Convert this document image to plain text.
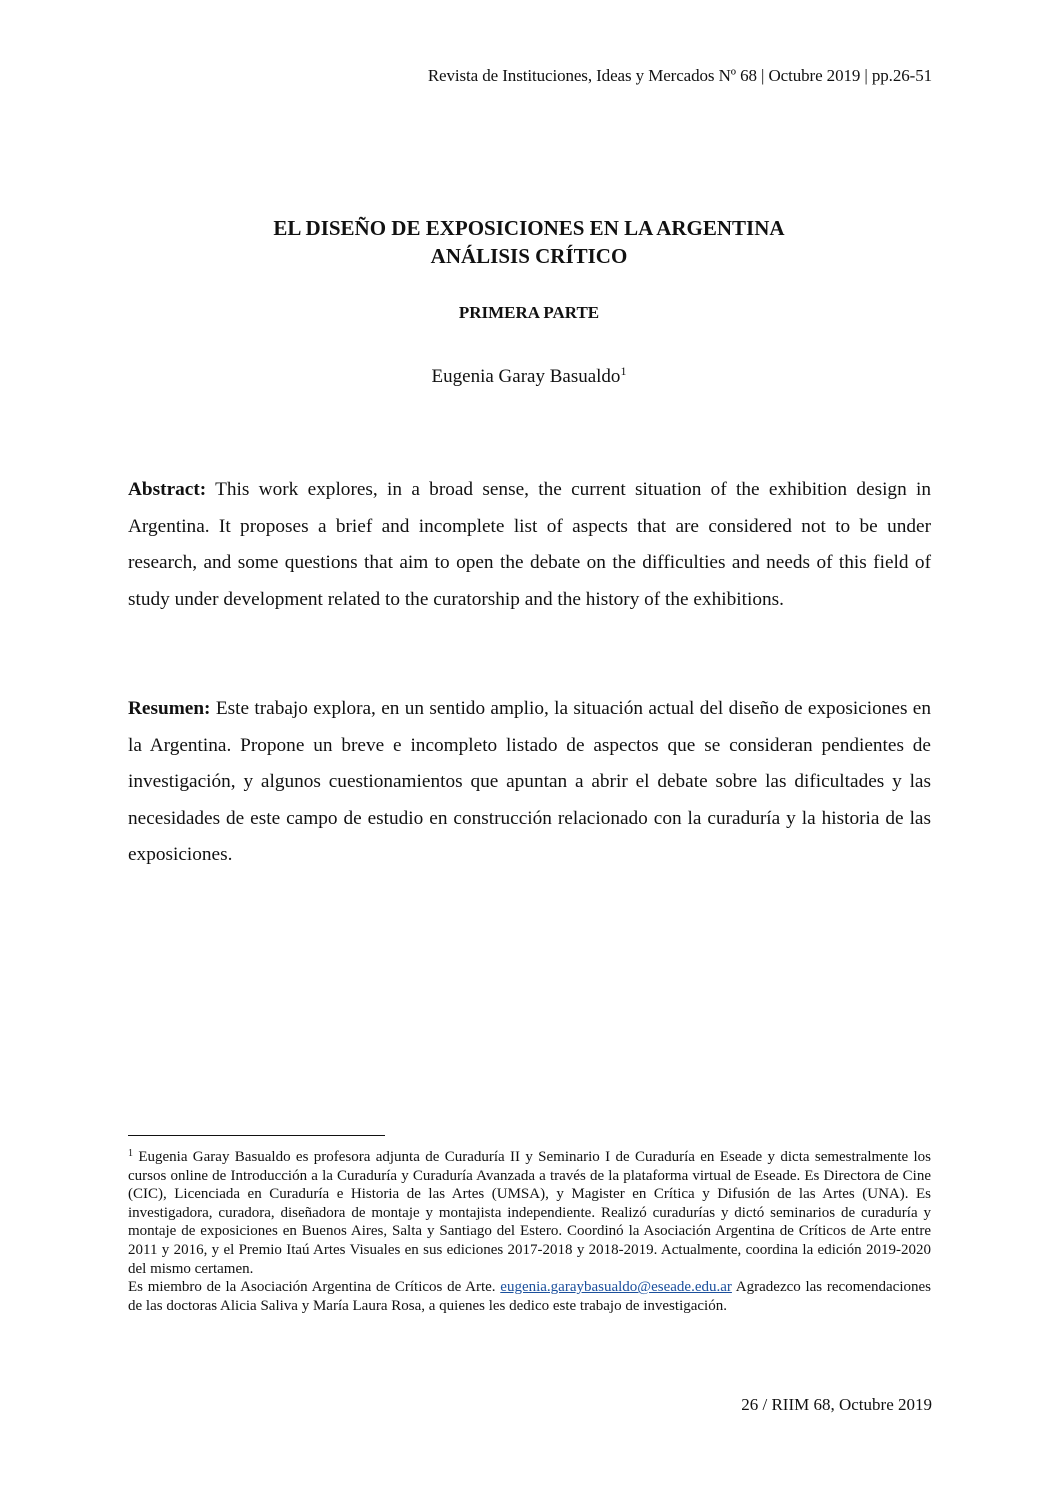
Revista de Instituciones, Ideas y Mercados Nº 68 | Octubre 2019 | pp.26-51
EL DISEÑO DE EXPOSICIONES EN LA ARGENTINA
ANÁLISIS CRÍTICO
PRIMERA PARTE
Eugenia Garay Basualdo$^1$
Abstract: This work explores, in a broad sense, the current situation of the exhibition design in Argentina. It proposes a brief and incomplete list of aspects that are considered not to be under research, and some questions that aim to open the debate on the difficulties and needs of this field of study under development related to the curatorship and the history of the exhibitions.
Resumen: Este trabajo explora, en un sentido amplio, la situación actual del diseño de exposiciones en la Argentina. Propone un breve e incompleto listado de aspectos que se consideran pendientes de investigación, y algunos cuestionamientos que apuntan a abrir el debate sobre las dificultades y las necesidades de este campo de estudio en construcción relacionado con la curaduría y la historia de las exposiciones.

$^1$ Eugenia Garay Basualdo es profesora adjunta de Curaduría II y Seminario I de Curaduría en Eseade y dicta semestralmente los cursos online de Introducción a la Curaduría y Curaduría Avanzada a través de la plataforma virtual de Eseade. Es Directora de Cine (CIC), Licenciada en Curaduría e Historia de las Artes (UMSA), y Magister en Crítica y Difusión de las Artes (UNA). Es investigadora, curadora, diseñadora de montaje y montajista independiente. Realizó curadurías y dictó seminarios de curaduría y montaje de exposiciones en Buenos Aires, Salta y Santiago del Estero. Coordinó la Asociación Argentina de Críticos de Arte entre 2011 y 2016, y el Premio Itaú Artes Visuales en sus ediciones 2017-2018 y 2018-2019. Actualmente, coordina la edición 2019-2020 del mismo certamen.

Es miembro de la Asociación Argentina de Críticos de Arte. eugenia.garaybasualdo@eseade.edu.ar Agradezco las recomendaciones de las doctoras Alicia Saliva y María Laura Rosa, a quienes les dedico este trabajo de investigación.

26 / RIIM 68, Octubre 2019
